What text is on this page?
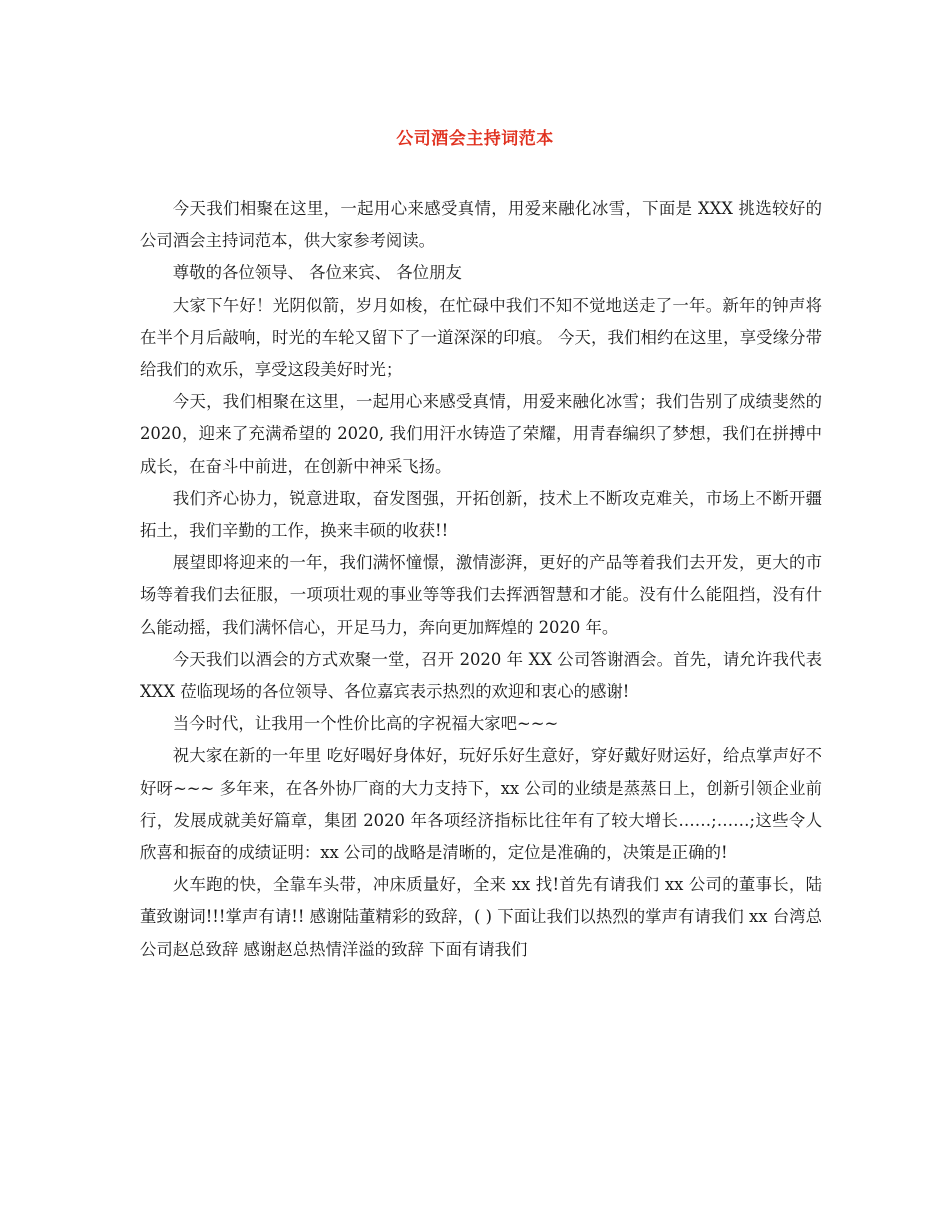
公司酒会主持词范本

今天我们相聚在这里，一起用心来感受真情，用爱来融化冰雪，下面是 XXX 挑选较好的公司酒会主持词范本，供大家参考阅读。

尊敬的各位领导、 各位来宾、 各位朋友

大家下午好！光阴似箭，岁月如梭，在忙碌中我们不知不觉地送走了一年。新年的钟声将在半个月后敲响，时光的车轮又留下了一道深深的印痕。 今天，我们相约在这里，享受缘分带给我们的欢乐，享受这段美好时光；

今天，我们相聚在这里，一起用心来感受真情，用爱来融化冰雪；我们告别了成绩斐然的 2020，迎来了充满希望的 2020, 我们用汗水铸造了荣耀，用青春编织了梦想，我们在拼搏中成长，在奋斗中前进，在创新中神采飞扬。

我们齐心协力，锐意进取，奋发图强，开拓创新，技术上不断攻克难关，市场上不断开疆拓土，我们辛勤的工作，换来丰硕的收获!!

展望即将迎来的一年，我们满怀憧憬，激情澎湃，更好的产品等着我们去开发，更大的市场等着我们去征服，一项项壮观的事业等等我们去挥洒智慧和才能。没有什么能阻挡，没有什么能动摇，我们满怀信心，开足马力，奔向更加辉煌的 2020 年。

今天我们以酒会的方式欢聚一堂，召开 2020 年 XX 公司答谢酒会。首先，请允许我代表 XXX 莅临现场的各位领导、各位嘉宾表示热烈的欢迎和衷心的感谢!

当今时代，让我用一个性价比高的字祝福大家吧~~~

祝大家在新的一年里 吃好喝好身体好，玩好乐好生意好，穿好戴好财运好，给点掌声好不好呀~~~ 多年来，在各外协厂商的大力支持下，xx 公司的业绩是蒸蒸日上，创新引领企业前行，发展成就美好篇章，集团 2020 年各项经济指标比往年有了较大增长……;……;这些令人欣喜和振奋的成绩证明：xx 公司的战略是清晰的，定位是准确的，决策是正确的!

火车跑的快，全靠车头带，冲床质量好，全来 xx 找!首先有请我们 xx 公司的董事长，陆董致谢词!!!掌声有请!! 感谢陆董精彩的致辞，( ) 下面让我们以热烈的掌声有请我们 xx 台湾总公司赵总致辞 感谢赵总热情洋溢的致辞 下面有请我们
